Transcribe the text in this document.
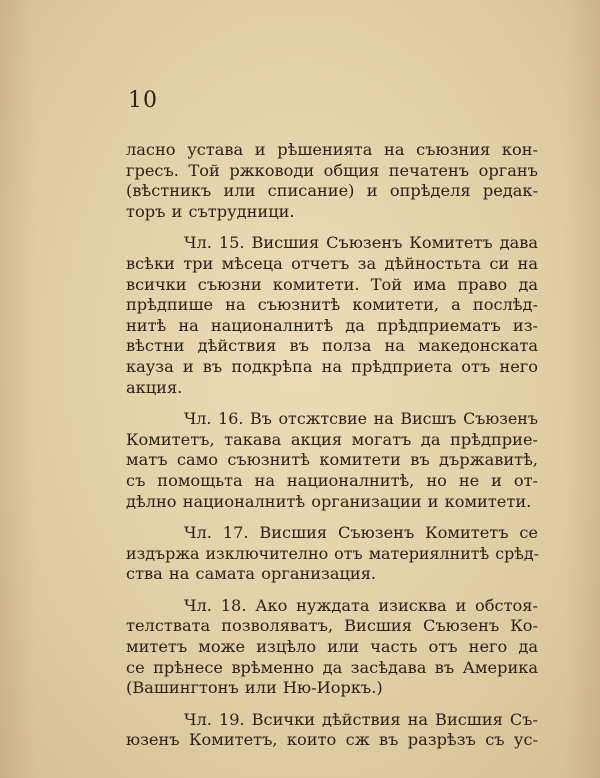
10
ласно устава и рѣшенията на съюзния кон-
гресъ. Той ржководи общия печатенъ органъ
(вѣстникъ или списание) и опрѣделя редак-
торъ и сътрудници.
Чл. 15. Висшия Съюзенъ Комитетъ дава
всѣки три мѣсеца отчетъ за дѣйностьта си на
всички съюзни комитети. Той има право да
прѣдпише на съюзнитѣ комитети, а послѣд-
нитѣ на националнитѣ да прѣдприематъ из-
вѣстни дѣйствия въ полза на македонската
кауза и въ подкрѣпа на прѣдприета отъ него
акция.
Чл. 16. Въ отсжтсвие на Висшъ Съюзенъ
Комитетъ, такава акция могатъ да прѣдприе-
матъ само съюзнитѣ комитети въ държавитѣ,
съ помощьта на националнитѣ, но не и от-
дѣлно националнитѣ организации и комитети.
Чл. 17. Висшия Съюзенъ Комитетъ се
издържа изключително отъ материялнитѣ срѣд-
ства на самата организация.
Чл. 18. Ако нуждата изисква и обстоя-
телствата позволяватъ, Висшия Съюзенъ Ко-
митетъ може изцѣло или часть отъ него да
се прѣнесе врѣменно да засѣдава въ Америка
(Вашингтонъ или Ню-Иоркъ.)
Чл. 19. Всички дѣйствия на Висшия Съ-
юзенъ Комитетъ, които сж въ разрѣзъ съ ус-
